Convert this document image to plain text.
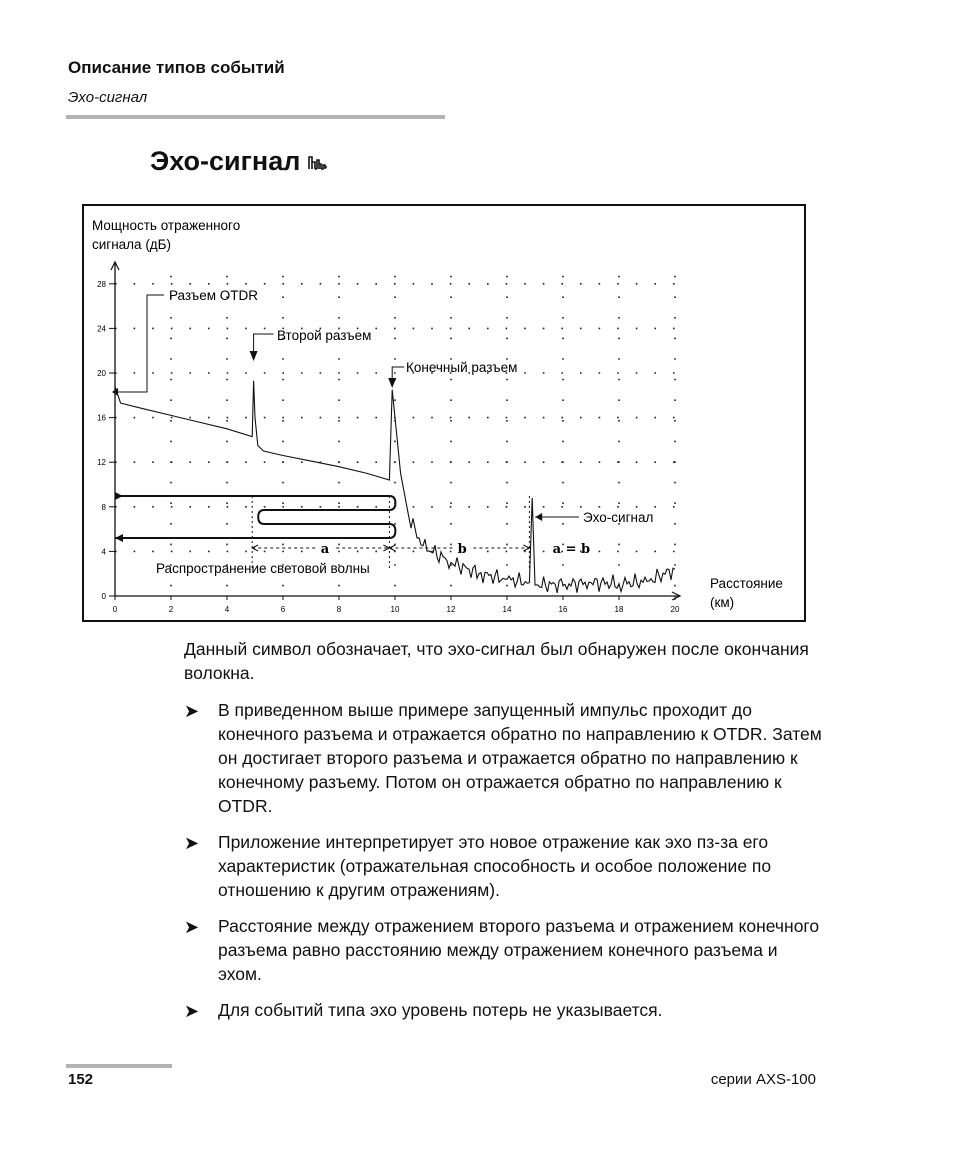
Описание типов событий
Эхо-сигнал
Эхо-сигнал
Мощность отраженного
сигнала (дБ)
Расстояние
(км)
0	2	4	6	8	10	12	14	16	18	20
0
4
8
12
16
20
24
28
Распространение световой волны
a	b	a = b
Разъем OTDR
Второй разъем
Конечный разъем
Эхо-сигнал
Данный символ обозначает, что эхо-сигнал был обнаружен после окончания волокна.
➤ В приведенном выше примере запущенный импульс проходит до конечного разъема и отражается обратно по направлению к OTDR. Затем он достигает второго разъема и отражается обратно по направлению к конечному разъему. Потом он отражается обратно по направлению к OTDR.
➤ Приложение интерпретирует это новое отражение как эхо пз-за его характеристик (отражательная способность и особое положение по отношению к другим отражениям).
➤ Расстояние между отражением второго разъема и отражением конечного разъема равно расстоянию между отражением конечного разъема и эхом.
➤ Для событий типа эхо уровень потерь не указывается.
152	серии AXS-100
